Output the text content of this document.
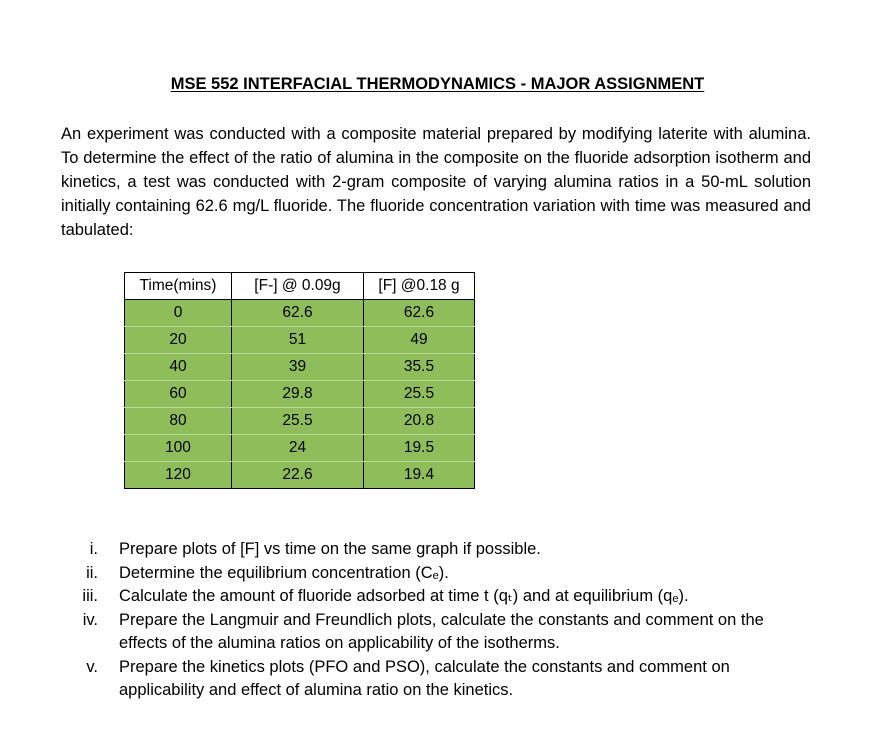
MSE 552 INTERFACIAL THERMODYNAMICS - MAJOR ASSIGNMENT
An experiment was conducted with a composite material prepared by modifying laterite with alumina. To determine the effect of the ratio of alumina in the composite on the fluoride adsorption isotherm and kinetics, a test was conducted with 2-gram composite of varying alumina ratios in a 50-mL solution initially containing 62.6 mg/L fluoride. The fluoride concentration variation with time was measured and tabulated:
Time(mins)	[F-] @ 0.09g	[F] @0.18 g
0	62.6	62.6
20	51	49
40	39	35.5
60	29.8	25.5
80	25.5	20.8
100	24	19.5
120	22.6	19.4
i.	Prepare plots of [F] vs time on the same graph if possible.
ii.	Determine the equilibrium concentration (Cₑ).
iii.	Calculate the amount of fluoride adsorbed at time t (qₜ) and at equilibrium (qₑ).
iv.	Prepare the Langmuir and Freundlich plots, calculate the constants and comment on the effects of the alumina ratios on applicability of the isotherms.
v.	Prepare the kinetics plots (PFO and PSO), calculate the constants and comment on applicability and effect of alumina ratio on the kinetics.
